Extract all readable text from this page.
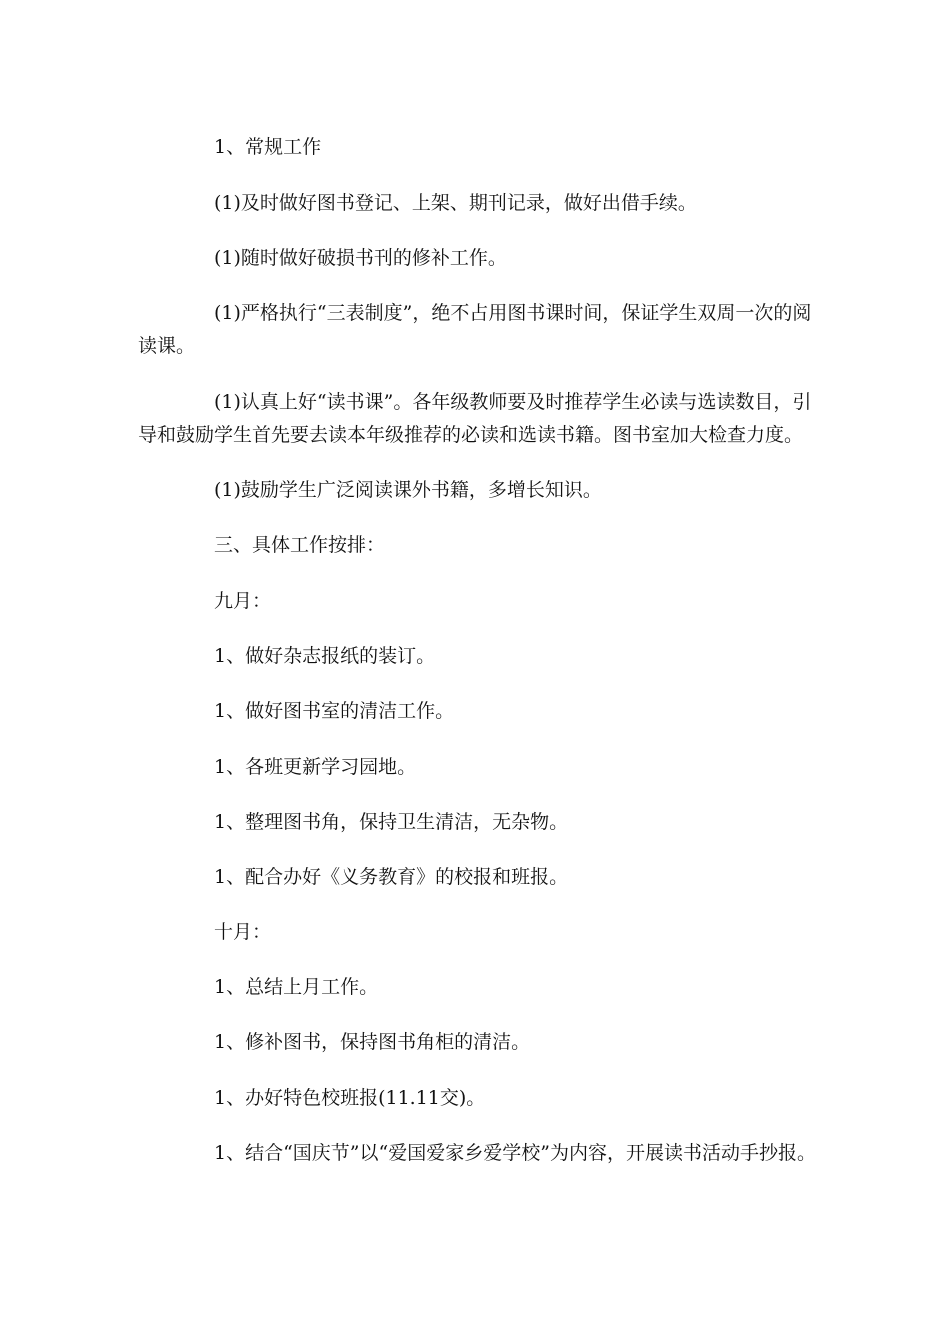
1、常规工作

(1)及时做好图书登记、上架、期刊记录，做好出借手续。

(1)随时做好破损书刊的修补工作。

(1)严格执行“三表制度”，绝不占用图书课时间，保证学生双周一次的阅读课。

(1)认真上好“读书课”。各年级教师要及时推荐学生必读与选读数目，引导和鼓励学生首先要去读本年级推荐的必读和选读书籍。图书室加大检查力度。

(1)鼓励学生广泛阅读课外书籍，多增长知识。

三、具体工作按排：

九月：

1、做好杂志报纸的装订。

1、做好图书室的清洁工作。

1、各班更新学习园地。

1、整理图书角，保持卫生清洁，无杂物。

1、配合办好《义务教育》的校报和班报。

十月：

1、总结上月工作。

1、修补图书，保持图书角柜的清洁。

1、办好特色校班报(11.11交)。

1、结合“国庆节”以“爱国爱家乡爱学校”为内容，开展读书活动手抄报。
